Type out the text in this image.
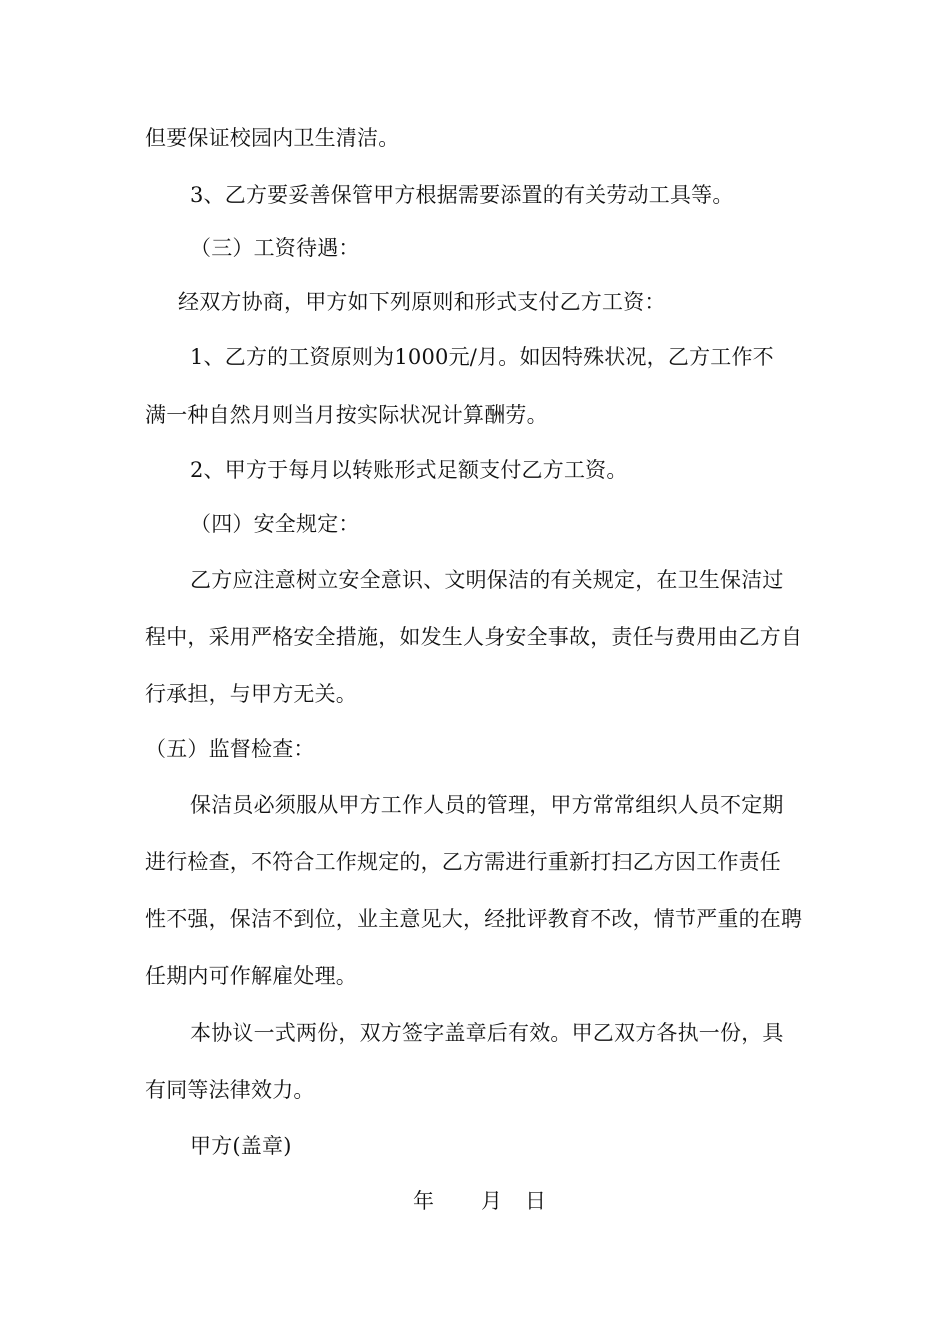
但要保证校园内卫生清洁。
3、乙方要妥善保管甲方根据需要添置的有关劳动工具等。
（三）工资待遇：
经双方协商，甲方如下列原则和形式支付乙方工资：
1、乙方的工资原则为1000元/月。如因特殊状况，乙方工作不
满一种自然月则当月按实际状况计算酬劳。
2、甲方于每月以转账形式足额支付乙方工资。
（四）安全规定：
乙方应注意树立安全意识、文明保洁的有关规定，在卫生保洁过
程中，采用严格安全措施，如发生人身安全事故，责任与费用由乙方自
行承担，与甲方无关。
（五）监督检查：
保洁员必须服从甲方工作人员的管理，甲方常常组织人员不定期
进行检查，不符合工作规定的，乙方需进行重新打扫乙方因工作责任
性不强，保洁不到位，业主意见大，经批评教育不改，情节严重的在聘
任期内可作解雇处理。
本协议一式两份，双方签字盖章后有效。甲乙双方各执一份，具
有同等法律效力。
甲方(盖章)
年 月 日
